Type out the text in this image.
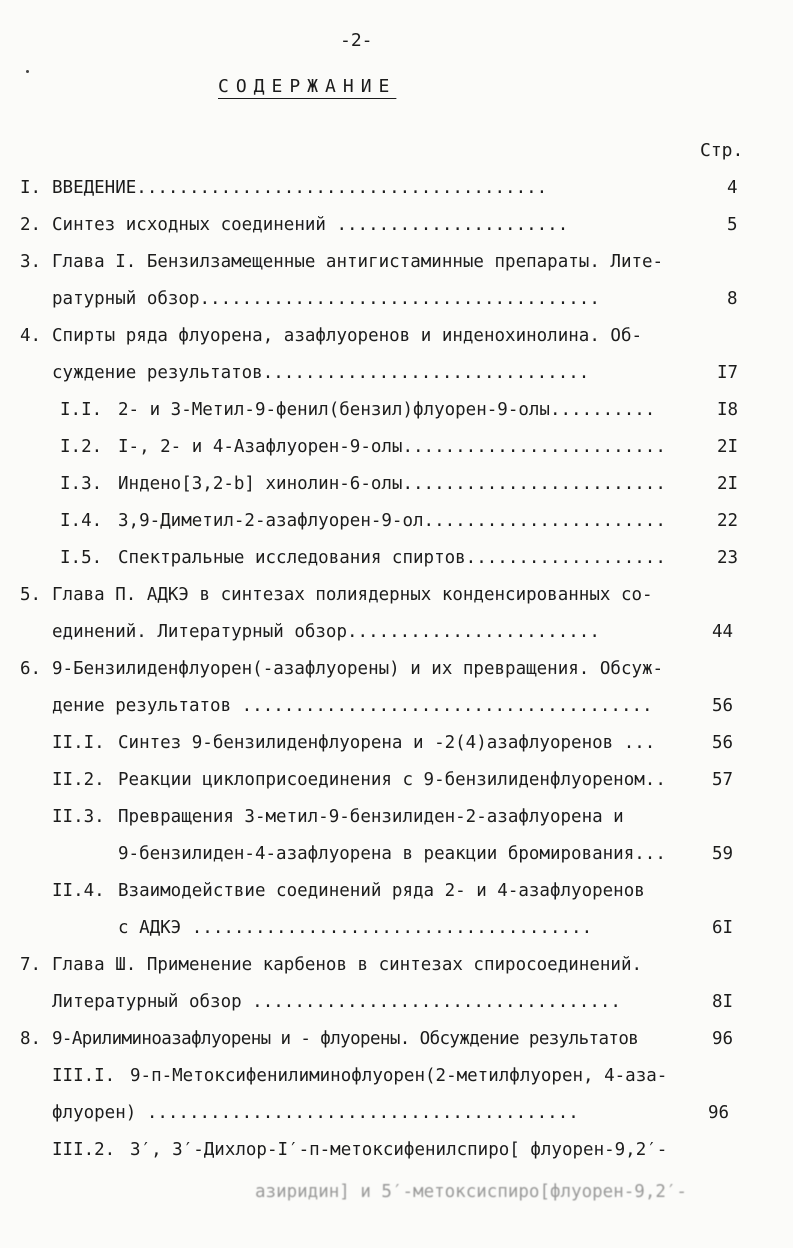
-2-
СОДЕРЖАНИЕ
Стр.
I. ВВЕДЕНИЕ.......................................	4
2. Синтез исходных соединений ......................	5
3. Глава I. Бензилзамещенные антигистаминные препараты. Лите-
ратурный обзор......................................	8
4. Спирты ряда флуорена, азафлуоренов и инденохинолина. Об-
суждение результатов...............................	I7
I.I. 2- и 3-Метил-9-фенил(бензил)флуорен-9-олы..........	I8
I.2. I-, 2- и 4-Азафлуорен-9-олы.........................	2I
I.3. Индено[3,2-b] хинолин-6-олы.........................	2I
I.4. 3,9-Диметил-2-азафлуорен-9-ол.......................	22
I.5. Спектральные исследования спиртов...................	23
5. Глава П. АДКЭ в синтезах полиядерных конденсированных со-
единений. Литературный обзор........................	44
6. 9-Бензилиденфлуорен(-азафлуорены) и их превращения. Обсуж-
дение результатов .......................................	56
II.I. Синтез 9-бензилиденфлуорена и -2(4)азафлуоренов ...	56
II.2. Реакции циклоприсоединения с 9-бензилиденфлуореном..	57
II.3. Превращения 3-метил-9-бензилиден-2-азафлуорена и
9-бензилиден-4-азафлуорена в реакции бромирования...	59
II.4. Взаимодействие соединений ряда 2- и 4-азафлуоренов
с АДКЭ ......................................	6I
7. Глава Ш. Применение карбенов в синтезах спиросоединений.
Литературный обзор ...................................	8I
8. 9-Арилиминоазафлуорены и - флуорены. Обсуждение результатов	96
III.I. 9-п-Метоксифенилиминофлуорен(2-метилфлуорен, 4-аза-
флуорен) .........................................	96
III.2. 3′, 3′-Дихлор-I′-п-метоксифенилспиро[ флуорен-9,2′-
азиридин] и 5′-метоксиспиро[флуорен-9,2′-
